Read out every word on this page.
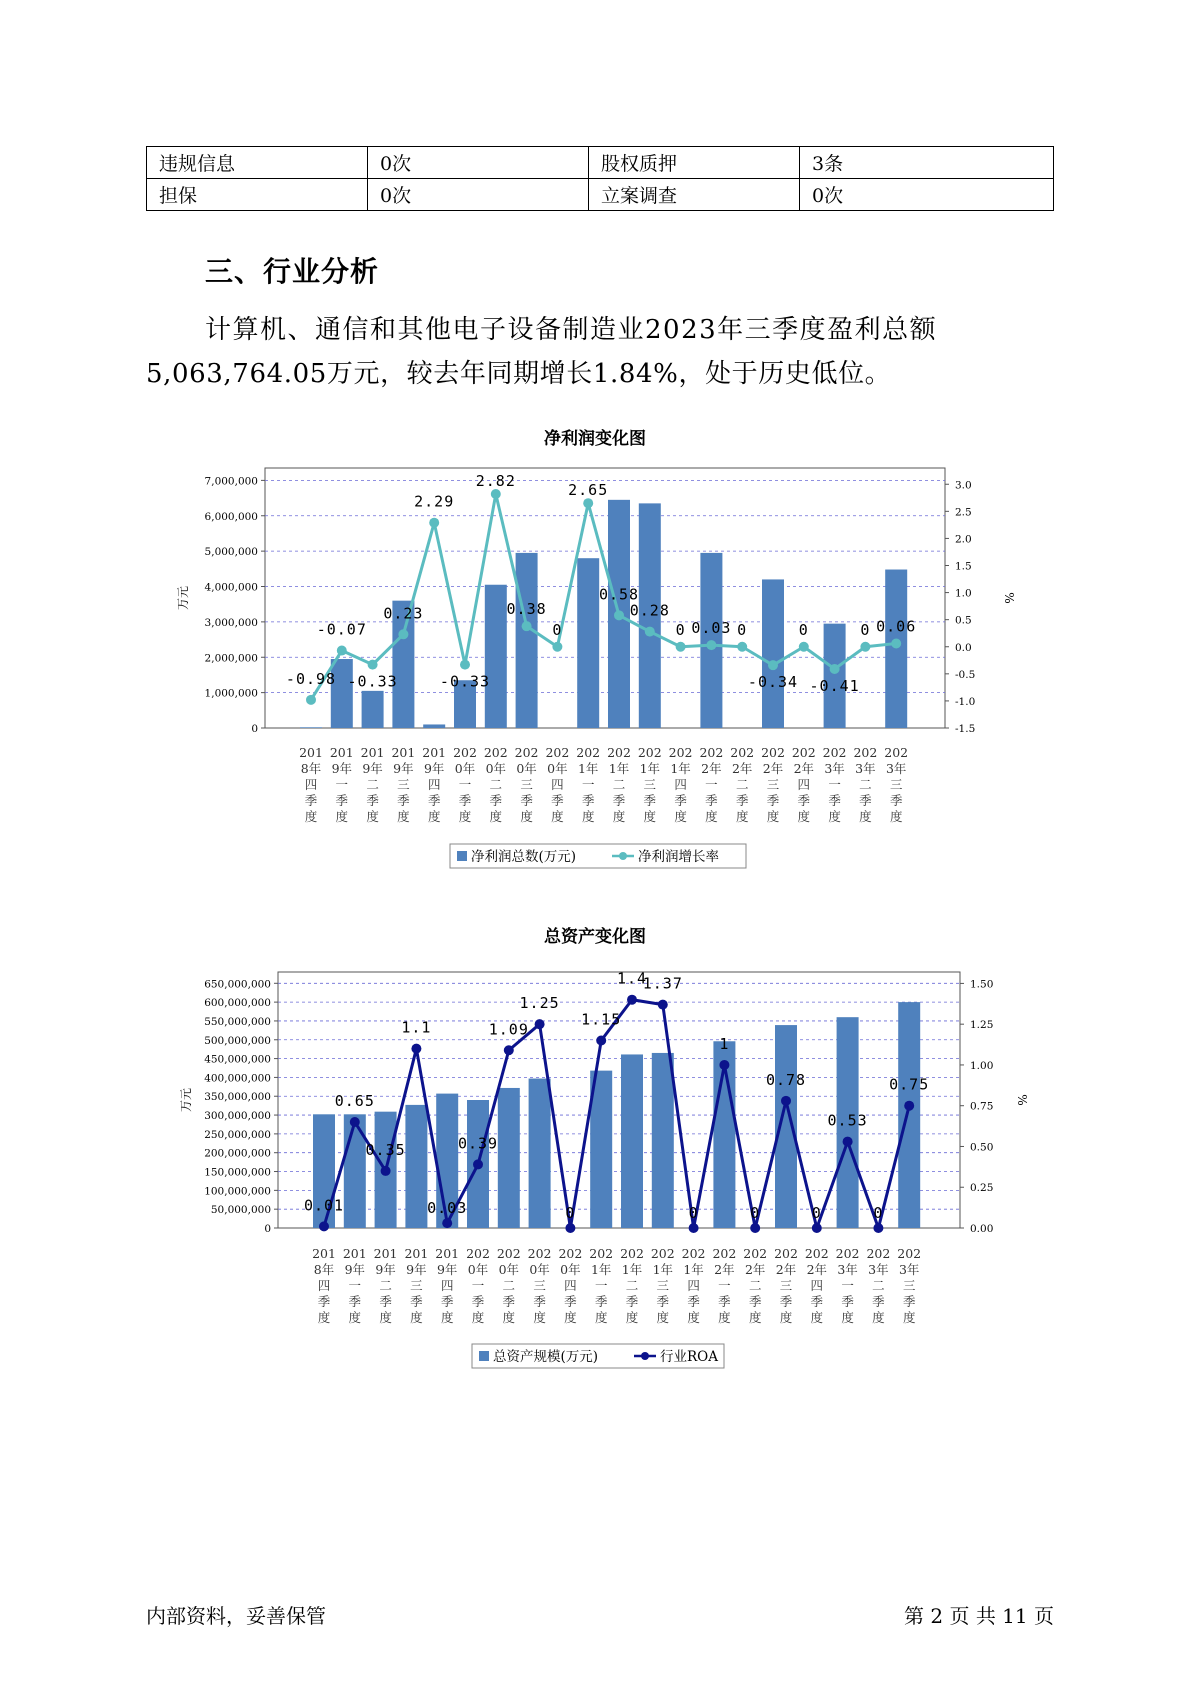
违规信息	0次	股权质押	3条
担保	0次	立案调查	0次
三、行业分析

计算机、通信和其他电子设备制造业2023年三季度盈利总额

5,063,764.05万元，较去年同期增长1.84%，处于历史低位。

净利润变化图
0
1,000,000
2,000,000
3,000,000
4,000,000
5,000,000
6,000,000
7,000,000
-1.5
-1.0
-0.5
0.0
0.5
1.0
1.5
2.0
2.5
3.0
万元	%
-0.98
-0.07
-0.33
0.23
2.29
-0.33
2.82
0.38
0
2.65
0.58
0.28
0 0.03 0
-0.34
0
-0.41
0 0.06
201
8年
四
季
度
201
9年
一
季
度
201
9年
二
季
度
201
9年
三
季
度
201
9年
四
季
度
202
0年
一
季
度
202
0年
二
季
度
202
0年
三
季
度
202
0年
四
季
度
202
1年
一
季
度
202
1年
二
季
度
202
1年
三
季
度
202
1年
四
季
度
202
2年
一
季
度
202
2年
二
季
度
202
2年
三
季
度
202
2年
四
季
度
202
3年
一
季
度
202
3年
二
季
度
202
3年
三
季
度
净利润总数(万元)	净利润增长率
总资产变化图
0
50,000,000
100,000,000
150,000,000
200,000,000
250,000,000
300,000,000
350,000,000
400,000,000
450,000,000
500,000,000
550,000,000
600,000,000
650,000,000
0.00
0.25
0.50
0.75
1.00
1.25
1.50
万元	%
0.01
0.65
0.35
1.1
0.03
0.39
1.09
1.25
0
1.15
1.4
1.37
0
1
0
0.78
0
0.53
0
0.75
201
8年
四
季
度
201
9年
一
季
度
201
9年
二
季
度
201
9年
三
季
度
201
9年
四
季
度
202
0年
一
季
度
202
0年
二
季
度
202
0年
三
季
度
202
0年
四
季
度
202
1年
一
季
度
202
1年
二
季
度
202
1年
三
季
度
202
1年
四
季
度
202
2年
一
季
度
202
2年
二
季
度
202
2年
三
季
度
202
2年
四
季
度
202
3年
一
季
度
202
3年
二
季
度
202
3年
三
季
度
总资产规模(万元)	行业ROA
内部资料，妥善保管	第 2 页 共 11 页
